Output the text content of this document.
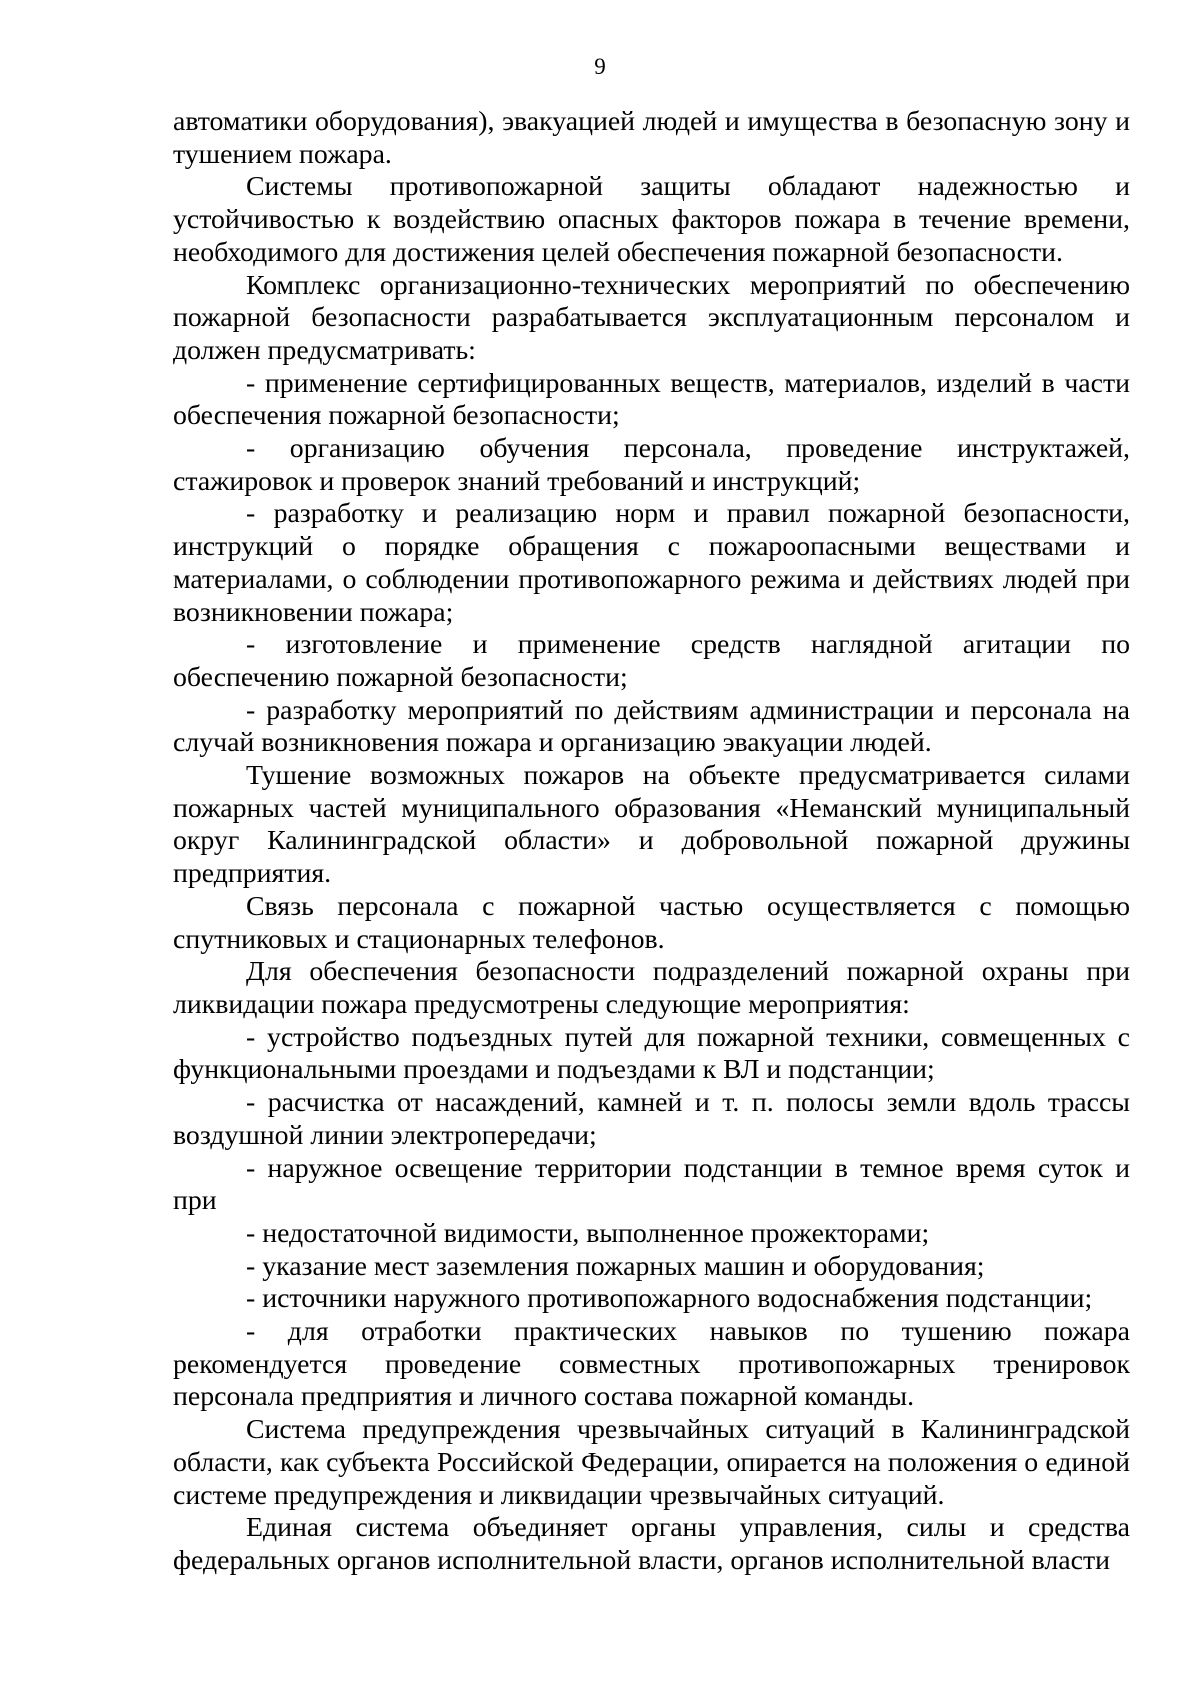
9

автоматики оборудования), эвакуацией людей и имущества в безопасную зону и тушением пожара.

Системы противопожарной защиты обладают надежностью и устойчивостью к воздействию опасных факторов пожара в течение времени, необходимого для достижения целей обеспечения пожарной безопасности.

Комплекс организационно-технических мероприятий по обеспечению пожарной безопасности разрабатывается эксплуатационным персоналом и должен предусматривать:

- применение сертифицированных веществ, материалов, изделий в части обеспечения пожарной безопасности;

- организацию обучения персонала, проведение инструктажей, стажировок и проверок знаний требований и инструкций;

- разработку и реализацию норм и правил пожарной безопасности, инструкций о порядке обращения с пожароопасными веществами и материалами, о соблюдении противопожарного режима и действиях людей при возникновении пожара;

- изготовление и применение средств наглядной агитации по обеспечению пожарной безопасности;

- разработку мероприятий по действиям администрации и персонала на случай возникновения пожара и организацию эвакуации людей.

Тушение возможных пожаров на объекте предусматривается силами пожарных частей муниципального образования «Неманский муниципальный округ Калининградской области» и добровольной пожарной дружины предприятия.

Связь персонала с пожарной частью осуществляется с помощью спутниковых и стационарных телефонов.

Для обеспечения безопасности подразделений пожарной охраны при ликвидации пожара предусмотрены следующие мероприятия:

- устройство подъездных путей для пожарной техники, совмещенных с функциональными проездами и подъездами к ВЛ и подстанции;

- расчистка от насаждений, камней и т. п. полосы земли вдоль трассы воздушной линии электропередачи;

- наружное освещение территории подстанции в темное время суток и при

- недостаточной видимости, выполненное прожекторами;

- указание мест заземления пожарных машин и оборудования;

- источники наружного противопожарного водоснабжения подстанции;

- для отработки практических навыков по тушению пожара рекомендуется проведение совместных противопожарных тренировок персонала предприятия и личного состава пожарной команды.

Система предупреждения чрезвычайных ситуаций в Калининградской области, как субъекта Российской Федерации, опирается на положения о единой системе предупреждения и ликвидации чрезвычайных ситуаций.

Единая система объединяет органы управления, силы и средства федеральных органов исполнительной власти, органов исполнительной власти
